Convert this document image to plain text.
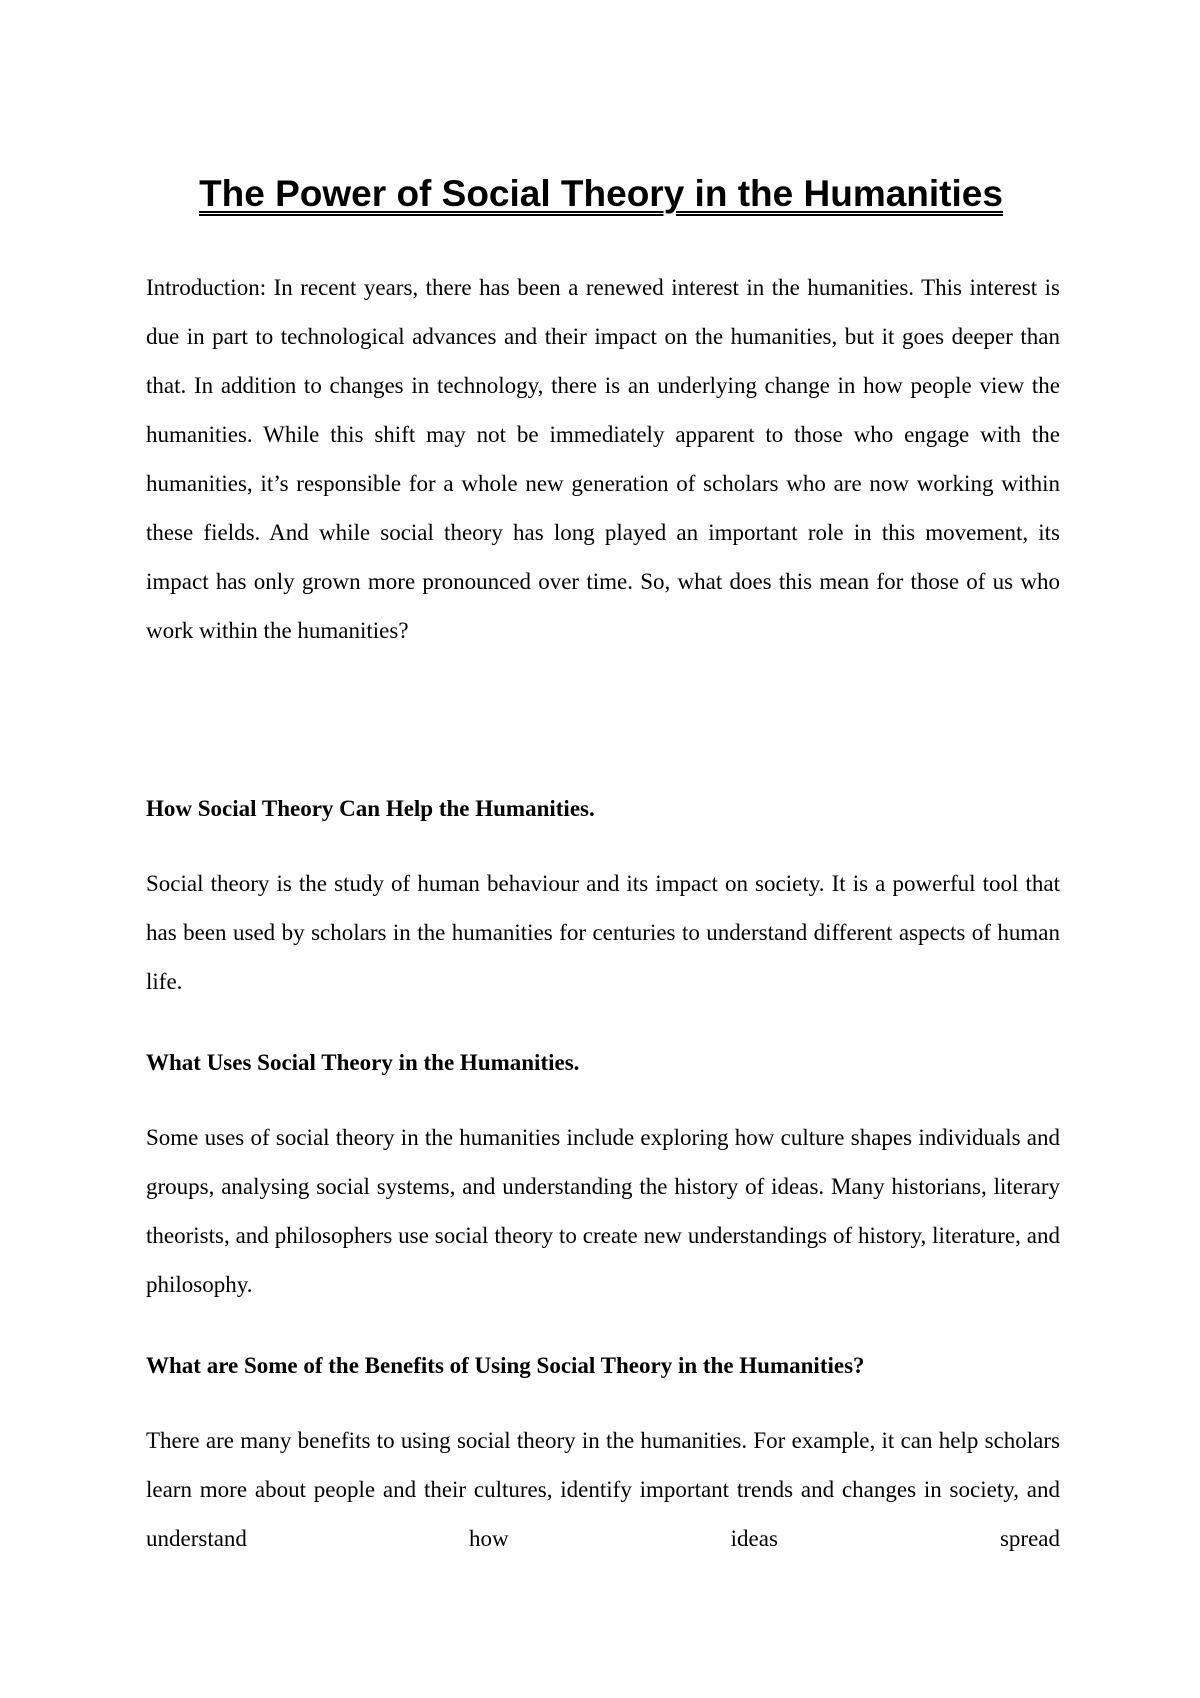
The Power of Social Theory in the Humanities

Introduction: In recent years, there has been a renewed interest in the humanities. This interest is due in part to technological advances and their impact on the humanities, but it goes deeper than that. In addition to changes in technology, there is an underlying change in how people view the humanities. While this shift may not be immediately apparent to those who engage with the humanities, it’s responsible for a whole new generation of scholars who are now working within these fields. And while social theory has long played an important role in this movement, its impact has only grown more pronounced over time. So, what does this mean for those of us who work within the humanities?

How Social Theory Can Help the Humanities.

Social theory is the study of human behaviour and its impact on society. It is a powerful tool that has been used by scholars in the humanities for centuries to understand different aspects of human life.

What Uses Social Theory in the Humanities.

Some uses of social theory in the humanities include exploring how culture shapes individuals and groups, analysing social systems, and understanding the history of ideas. Many historians, literary theorists, and philosophers use social theory to create new understandings of history, literature, and philosophy.

What are Some of the Benefits of Using Social Theory in the Humanities?

There are many benefits to using social theory in the humanities. For example, it can help scholars learn more about people and their cultures, identify important trends and changes in society, and understand how ideas spread
